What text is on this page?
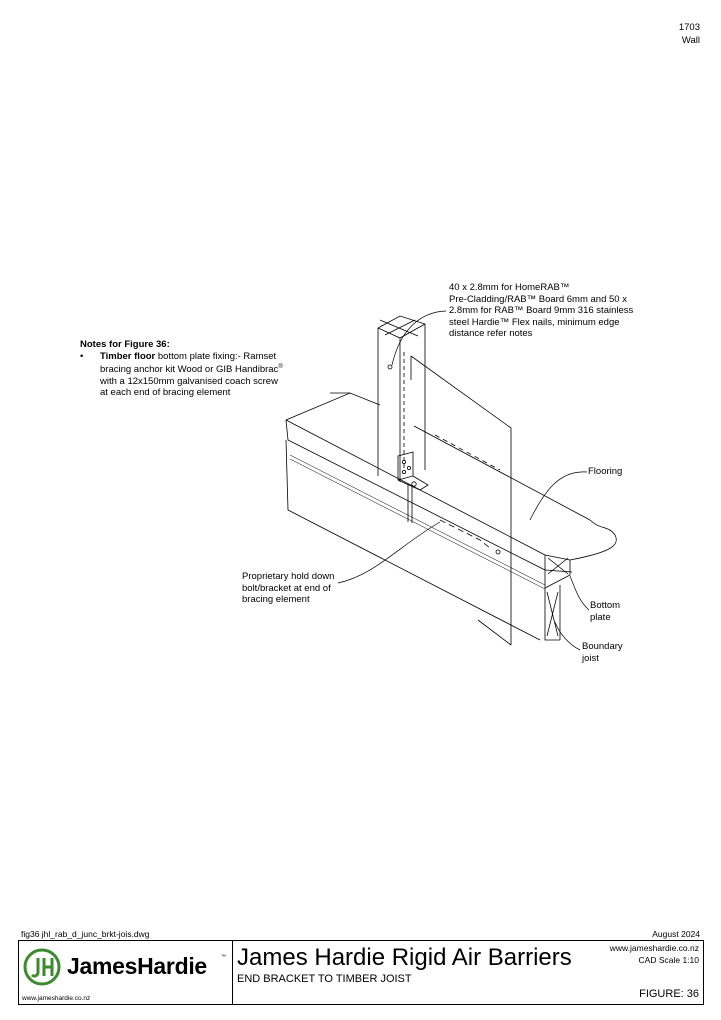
1703
Wall
Notes for Figure 36:
• Timber floor bottom plate fixing:- Ramset bracing anchor kit Wood or GIB Handibrac® with a 12x150mm galvanised coach screw at each end of bracing element
40 x 2.8mm for HomeRAB™
Pre-Cladding/RAB™ Board 6mm and 50 x
2.8mm for RAB™ Board 9mm 316 stainless
steel Hardie™ Flex nails, minimum edge
distance refer notes
Flooring
Proprietary hold down
bolt/bracket at end of
bracing element
Bottom
plate
Boundary
joist
fig36 jhl_rab_d_junc_brkt-jois.dwg	August 2024
JamesHardie	™
www.jameshardie.co.nz
James Hardie Rigid Air Barriers
END BRACKET TO TIMBER JOIST
www.jameshardie.co.nz
CAD Scale 1:10
FIGURE: 36
